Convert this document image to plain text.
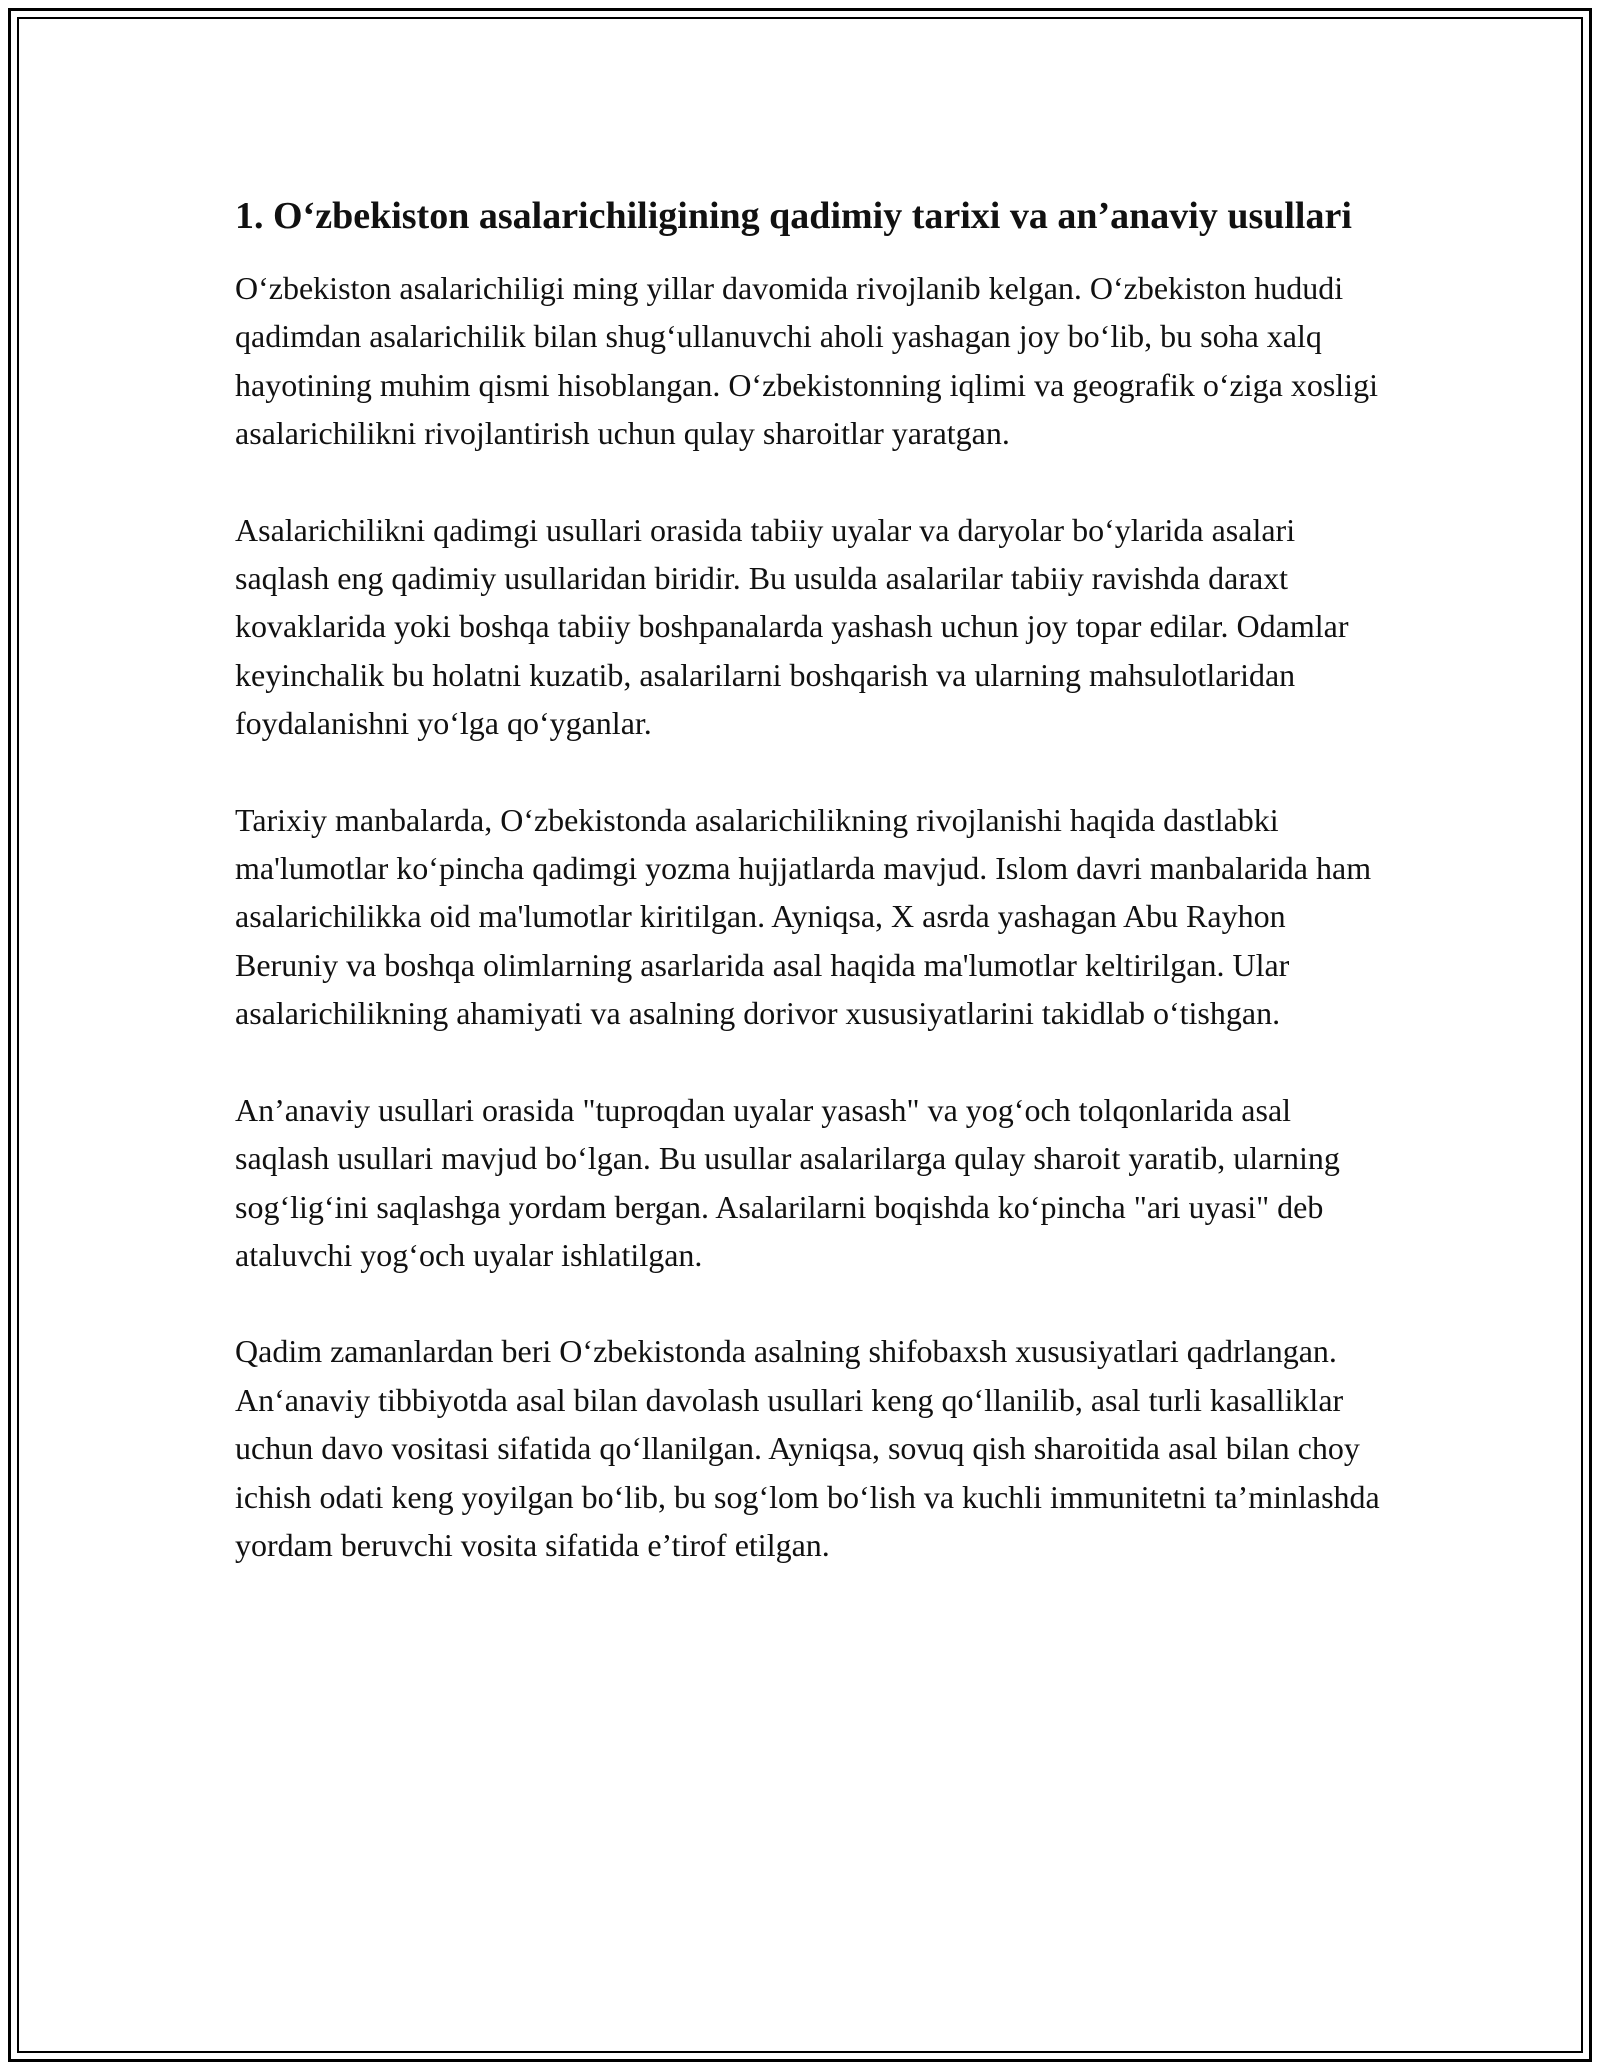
1. O‘zbekiston asalarichiligining qadimiy tarixi va an’anaviy usullari

O‘zbekiston asalarichiligi ming yillar davomida rivojlanib kelgan. O‘zbekiston hududi qadimdan asalarichilik bilan shug‘ullanuvchi aholi yashagan joy bo‘lib, bu soha xalq hayotining muhim qismi hisoblangan. O‘zbekistonning iqlimi va geografik o‘ziga xosligi asalarichilikni rivojlantirish uchun qulay sharoitlar yaratgan.

Asalarichilikni qadimgi usullari orasida tabiiy uyalar va daryolar bo‘ylarida asalari saqlash eng qadimiy usullaridan biridir. Bu usulda asalarilar tabiiy ravishda daraxt kovaklarida yoki boshqa tabiiy boshpanalarda yashash uchun joy topar edilar. Odamlar keyinchalik bu holatni kuzatib, asalarilarni boshqarish va ularning mahsulotlaridan foydalanishni yo‘lga qo‘yganlar.

Tarixiy manbalarda, O‘zbekistonda asalarichilikning rivojlanishi haqida dastlabki ma'lumotlar ko‘pincha qadimgi yozma hujjatlarda mavjud. Islom davri manbalarida ham asalarichilikka oid ma'lumotlar kiritilgan. Ayniqsa, X asrda yashagan Abu Rayhon Beruniy va boshqa olimlarning asarlarida asal haqida ma'lumotlar keltirilgan. Ular asalarichilikning ahamiyati va asalning dorivor xususiyatlarini takidlab o‘tishgan.

An’anaviy usullari orasida "tuproqdan uyalar yasash" va yog‘och tolqonlarida asal saqlash usullari mavjud bo‘lgan. Bu usullar asalarilarga qulay sharoit yaratib, ularning sog‘lig‘ini saqlashga yordam bergan. Asalarilarni boqishda ko‘pincha "ari uyasi" deb ataluvchi yog‘och uyalar ishlatilgan.

Qadim zamanlardan beri O‘zbekistonda asalning shifobaxsh xususiyatlari qadrlangan. An‘anaviy tibbiyotda asal bilan davolash usullari keng qo‘llanilib, asal turli kasalliklar uchun davo vositasi sifatida qo‘llanilgan. Ayniqsa, sovuq qish sharoitida asal bilan choy ichish odati keng yoyilgan bo‘lib, bu sog‘lom bo‘lish va kuchli immunitetni ta’minlashda yordam beruvchi vosita sifatida e’tirof etilgan.
